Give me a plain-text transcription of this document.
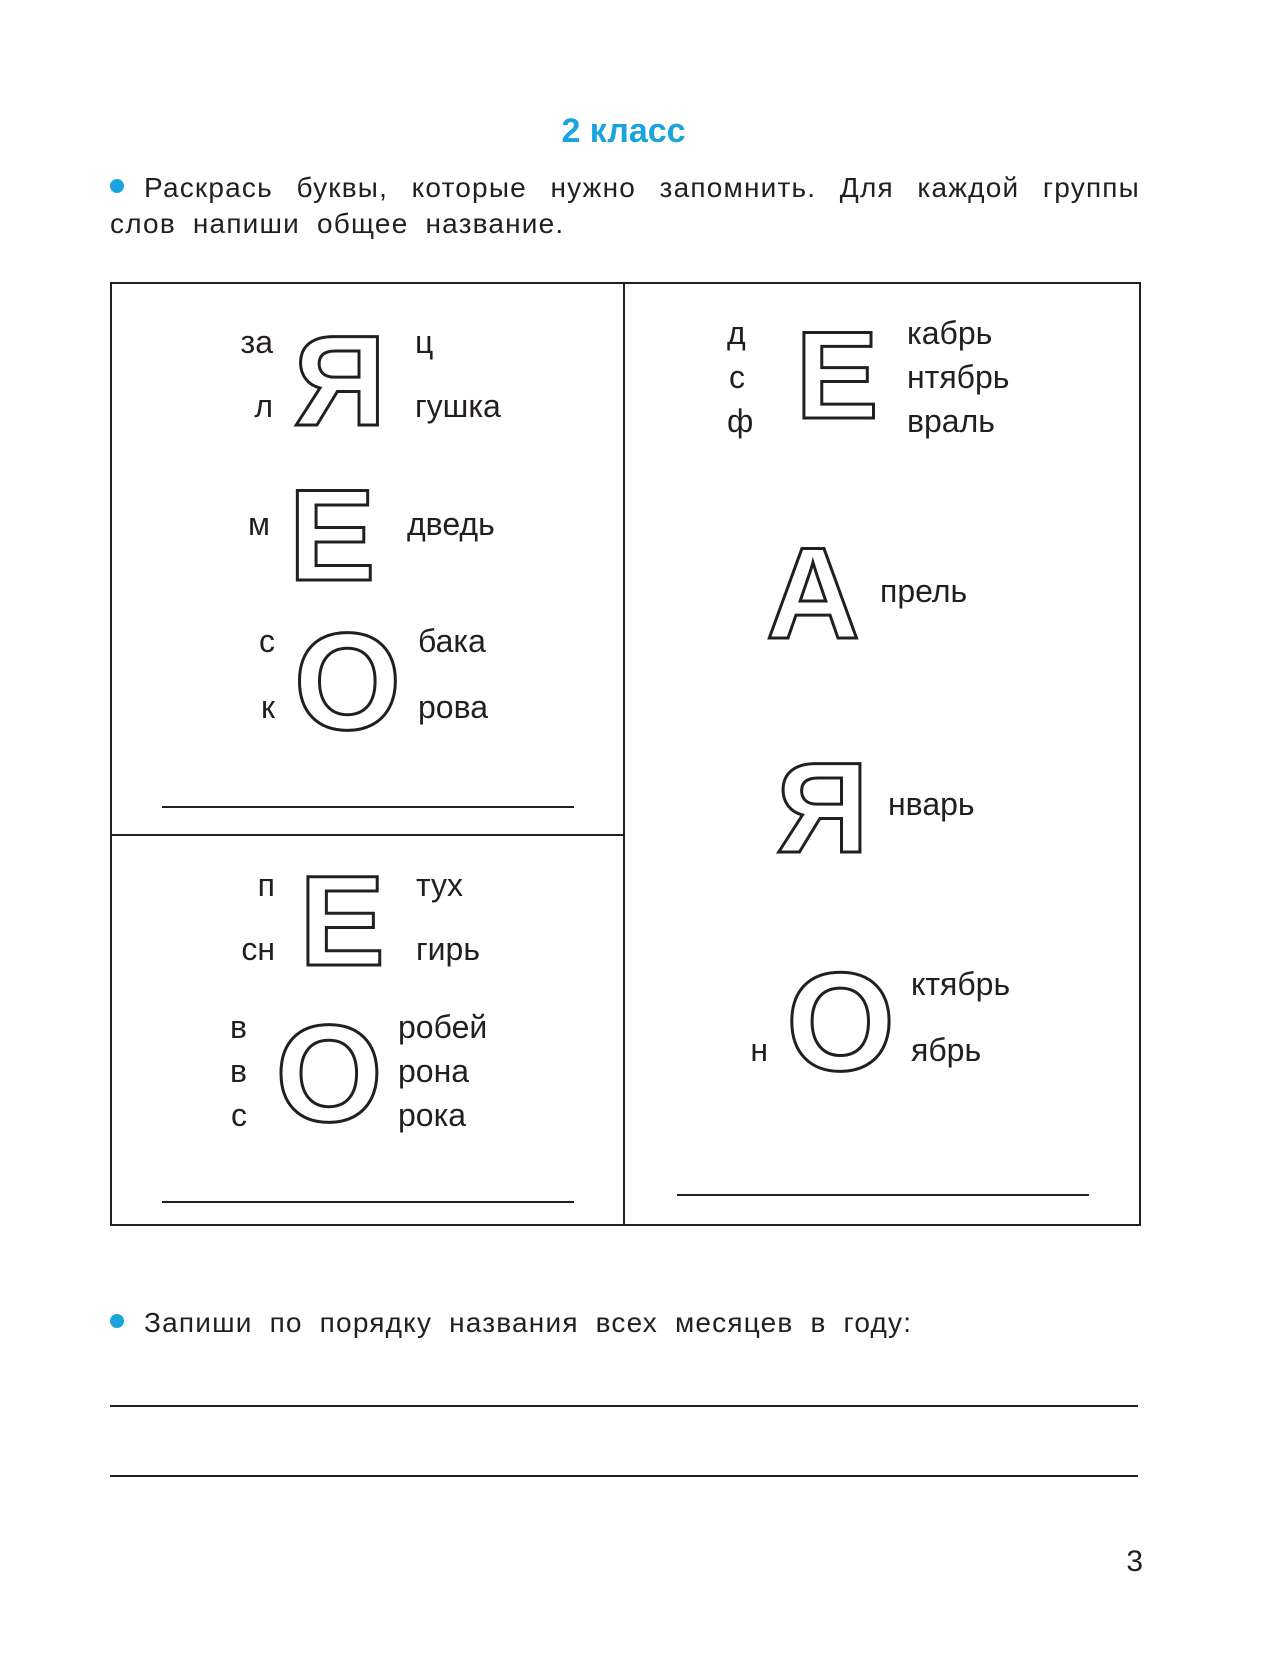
2 класс

Раскрась буквы, которые нужно запомнить. Для каждой группы слов напиши общее название.

за
л Я ц
гушка
м Е дведь
с
к О бака
рова
п
сн Е тух
гирь
в
в
с О робей
рона
рока
д
с
ф Е кабрь
нтябрь
враль
А прель
Я нварь
н О ктябрь
ябрь

Запиши по порядку названия всех месяцев в году:

3
